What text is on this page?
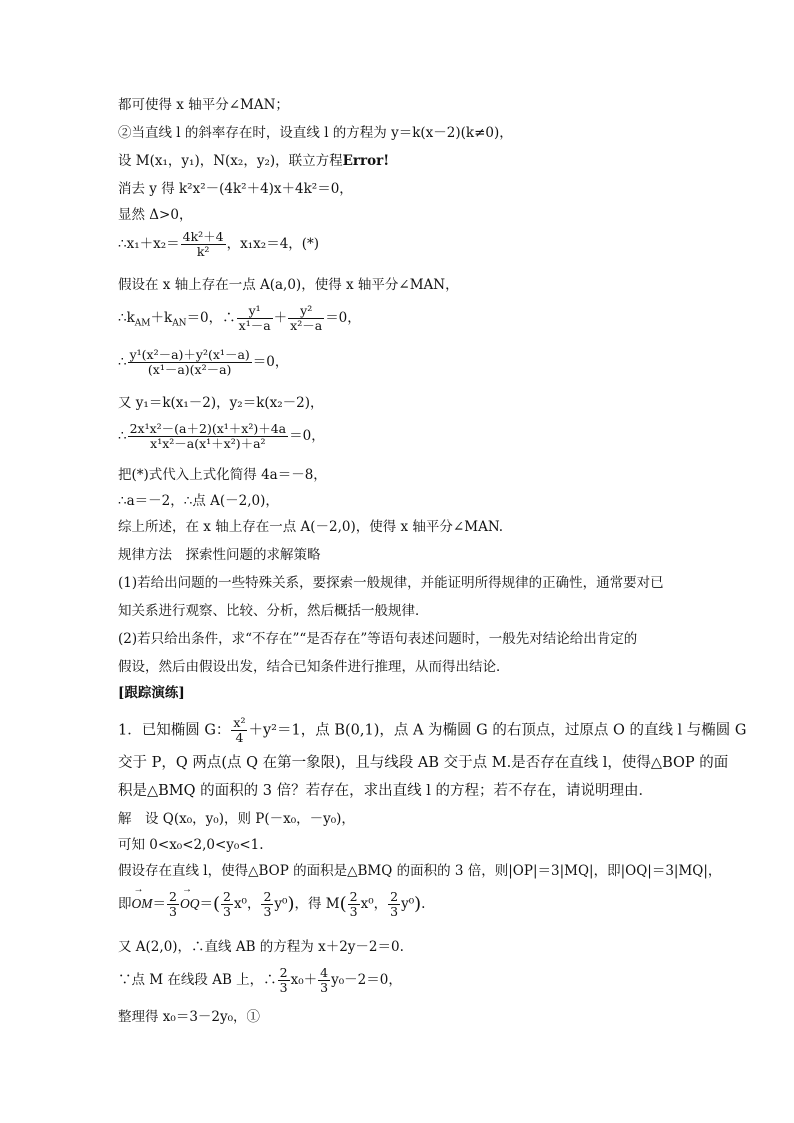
都可使得 x 轴平分∠MAN；
②当直线 l 的斜率存在时，设直线 l 的方程为 y＝k(x－2)(k≠0)，
设 M(x₁，y₁)，N(x₂，y₂)，联立方程Error!
消去 y 得 k²x²－(4k²＋4)x＋4k²＝0，
显然 Δ>0，
∴x₁＋x₂＝ $\frac{\text{4k²＋4}}{\text{k²}}$ ，x₁x₂＝4，(*)
假设在 x 轴上存在一点 A(a,0)，使得 x 轴平分∠MAN，
$\therefore k_{AM}+k_{AN}=0$，∴ $\frac{\text{y¹}}{\text{x¹－a}} + \frac{\text{y²}}{\text{x²－a}} =0$，
∴ $\frac{\text{y¹(x²－a)＋y²(x¹－a)}}{\text{(x¹－a)(x²－a)}} =0$，
又 y₁＝k(x₁－2)，y₂＝k(x₂－2)，
∴ $\frac{\text{2x¹x²－(a＋2)(x¹＋x²)＋4a}}{\text{x¹x²－a(x¹＋x²)＋a²}} =0$，
把(*)式代入上式化简得 4a＝－8，
∴a＝－2，∴点 A(－2,0)，
综上所述，在 x 轴上存在一点 A(－2,0)，使得 x 轴平分∠MAN.
规律方法　探索性问题的求解策略
(1)若给出问题的一些特殊关系，要探索一般规律，并能证明所得规律的正确性，通常要对已
知关系进行观察、比较、分析，然后概括一般规律．
(2)若只给出条件，求“不存在”“是否存在”等语句表述问题时，一般先对结论给出肯定的
假设，然后由假设出发，结合已知条件进行推理，从而得出结论．
[跟踪演练]
1．已知椭圆 G： $\frac{\text{x²}}{4} +y^2=1$，点 B(0,1)，点 A 为椭圆 G 的右顶点，过原点 O 的直线 l 与椭圆 G
交于 P，Q 两点(点 Q 在第一象限)，且与线段 AB 交于点 M.是否存在直线 l，使得△BOP 的面
积是△BMQ 的面积的 3 倍？若存在，求出直线 l 的方程；若不存在，请说明理由．
解　设 Q(x₀，y₀)，则 P(－x₀，－y₀)，
可知 0<x₀<2,0<y₀<1.
假设存在直线 l，使得△BOP 的面积是△BMQ 的面积的 3 倍，则|OP|＝3|MQ|，即|OQ|＝3|MQ|，
即→ $OM= \frac{2}{3}$
→ $OQ=( \frac{2}{3} x^0$， $\frac{2}{3} y^0$)，得 $M( \frac{2}{3} x^0$， $\frac{2}{3} y^0$).
又 A(2,0)，∴直线 AB 的方程为 x＋2y－2＝0.
∵点 M 在线段 AB 上，∴ $\frac{2}{3} x_0+ \frac{4}{3} y_0-2=0$，
整理得 x₀＝3－2y₀，①
